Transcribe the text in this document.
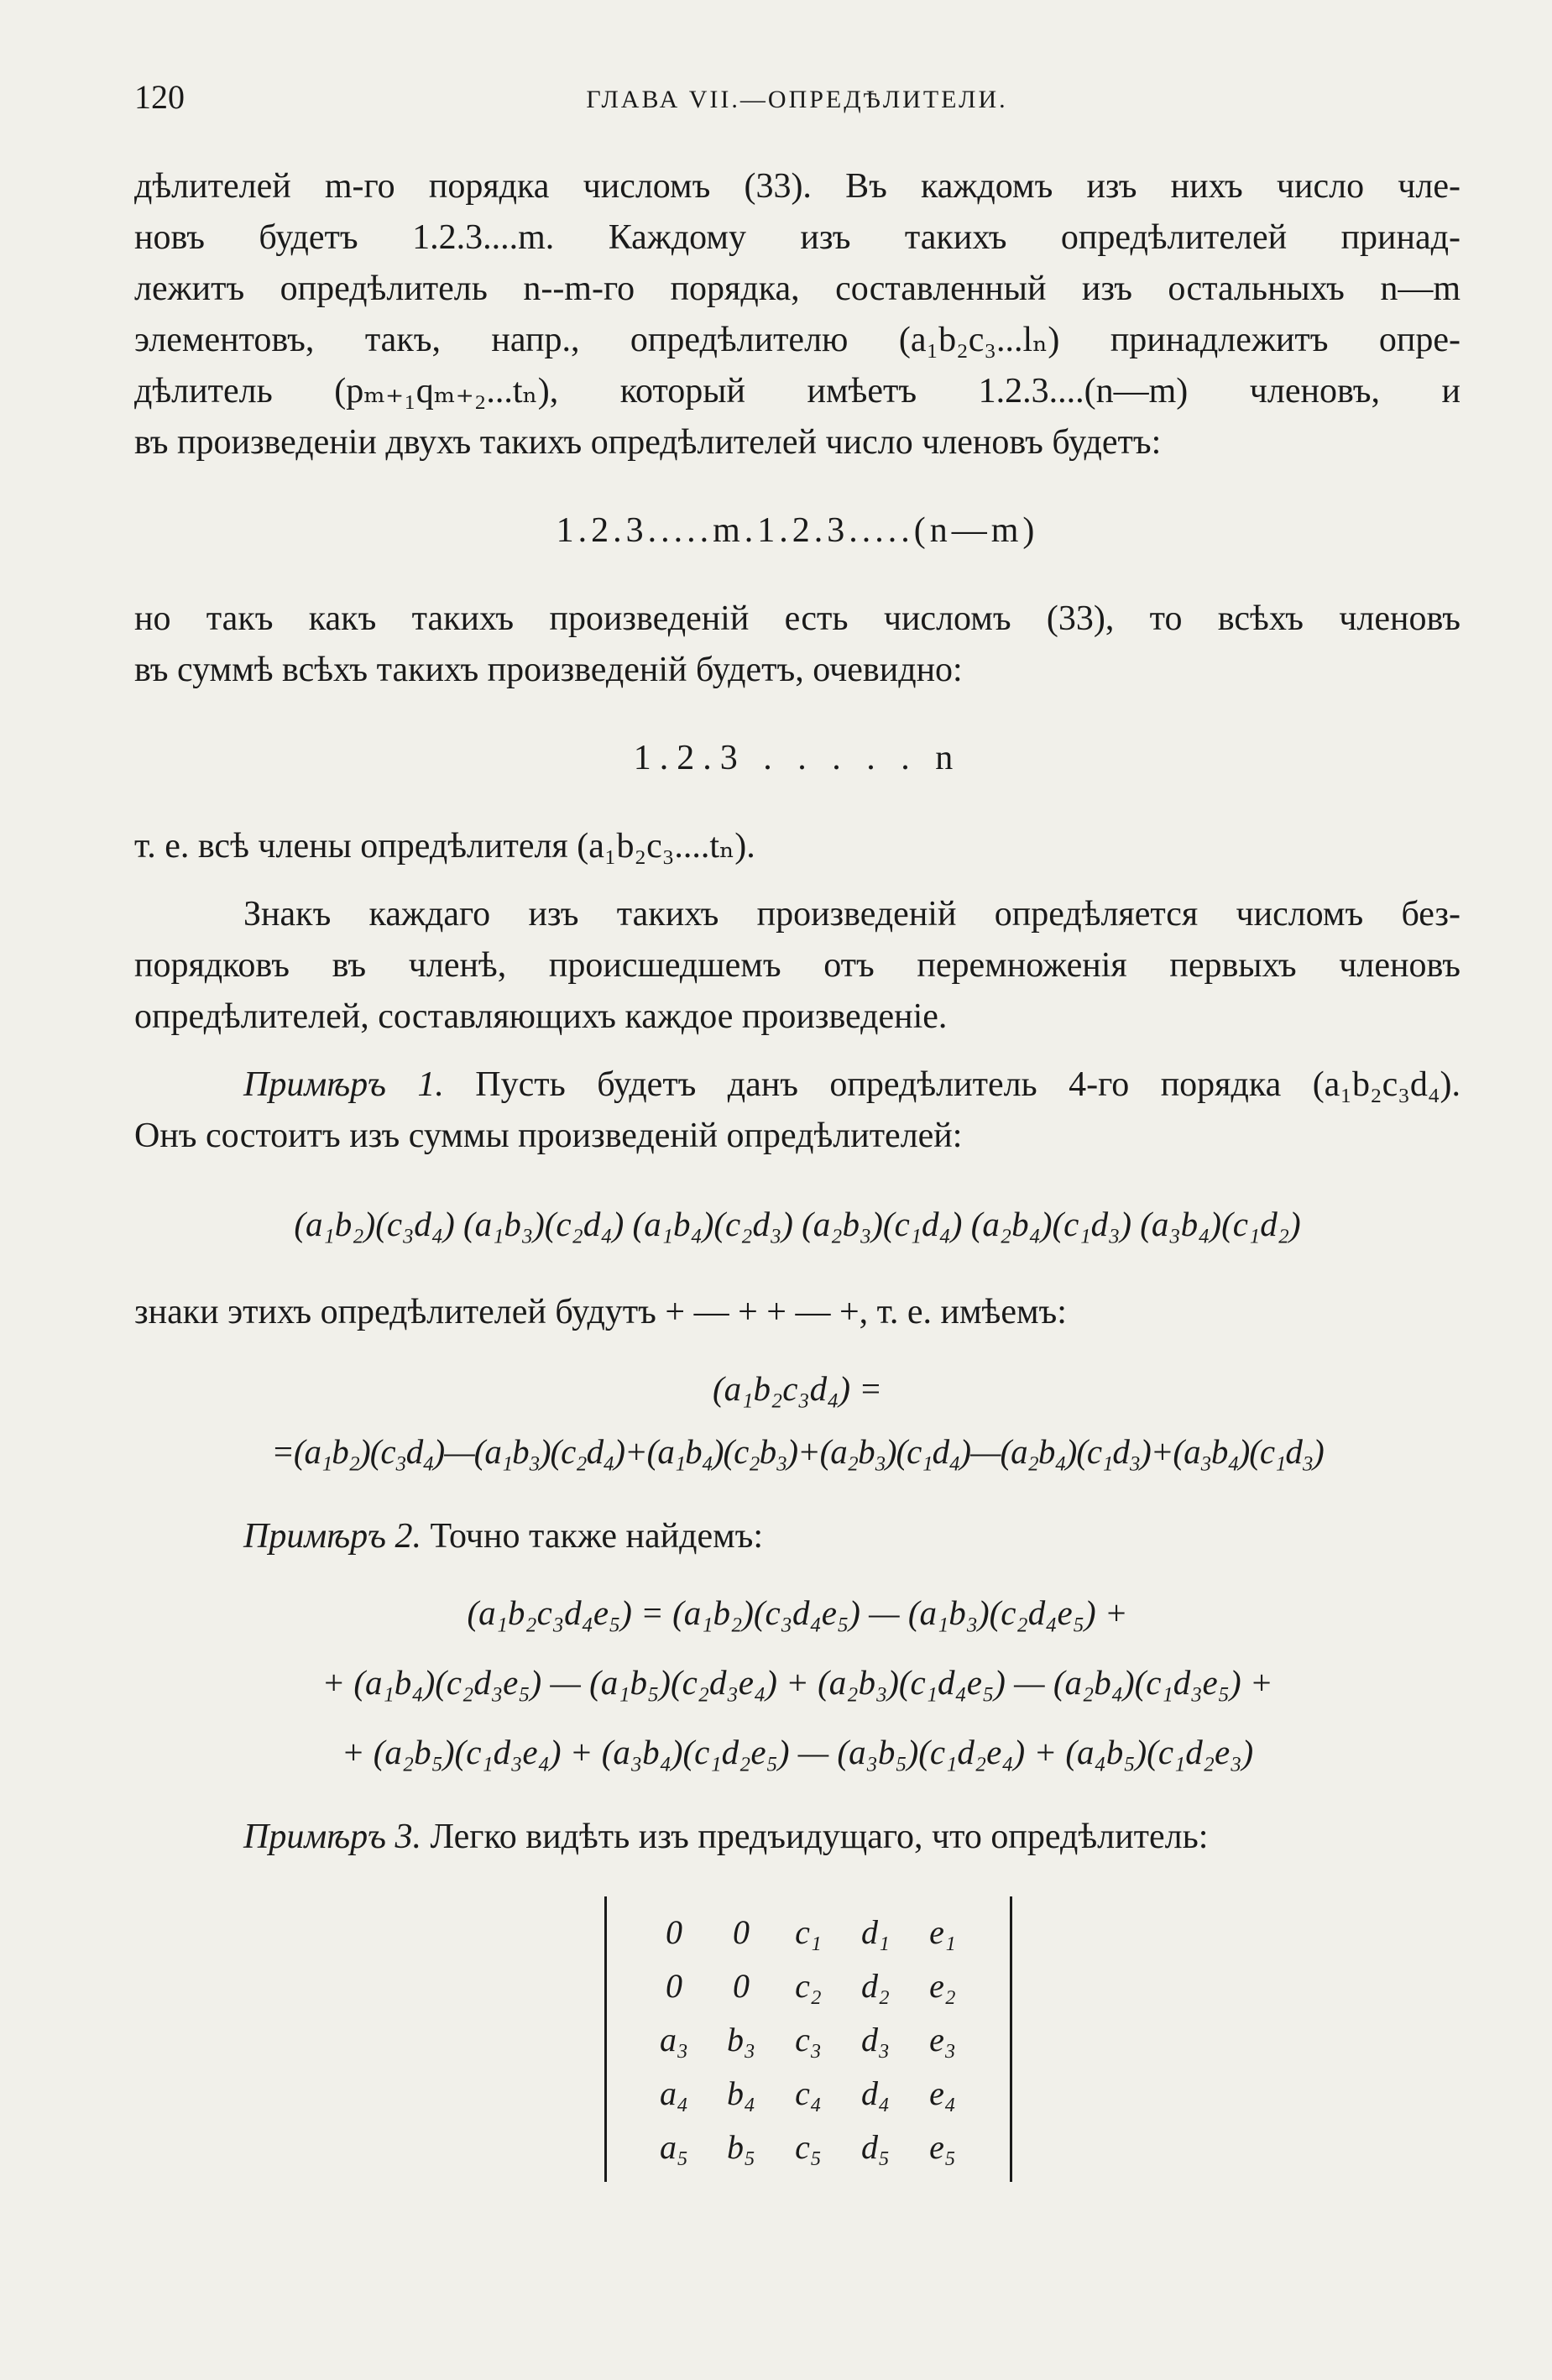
120	ГЛАВА VII.—ОПРЕДѢЛИТЕЛИ.
дѣлителей m-го порядка числомъ (33). Въ каждомъ изъ нихъ число чле-
новъ будетъ 1.2.3....m. Каждому изъ такихъ опредѣлителей принад-
лежитъ опредѣлитель n--m-го порядка, составленный изъ остальныхъ n—m
элементовъ, такъ, напр., опредѣлителю (a₁b₂c₃...lₙ) принадлежитъ опре-
дѣлитель (pₘ₊₁qₘ₊₂...tₙ), который имѣетъ 1.2.3....(n—m) членовъ, и
въ произведеніи двухъ такихъ опредѣлителей число членовъ будетъ:
1.2.3.....m.1.2.3.....(n—m)
но такъ какъ такихъ произведеній есть числомъ (33), то всѣхъ членовъ
въ суммѣ всѣхъ такихъ произведеній будетъ, очевидно:
1.2.3 . . . . . n
т. е. всѣ члены опредѣлителя (a₁b₂c₃....tₙ).
Знакъ каждаго изъ такихъ произведеній опредѣляется числомъ без-
порядковъ въ членѣ, происшедшемъ отъ перемноженія первыхъ членовъ
опредѣлителей, составляющихъ каждое произведеніе.
Примѣръ 1. Пусть будетъ данъ опредѣлитель 4-го порядка (a₁b₂c₃d₄).
Онъ состоитъ изъ суммы произведеній опредѣлителей:
(a₁b₂)(c₃d₄) (a₁b₃)(c₂d₄) (a₁b₄)(c₂d₃) (a₂b₃)(c₁d₄) (a₂b₄)(c₁d₃) (a₃b₄)(c₁d₂)
знаки этихъ опредѣлителей будутъ + — + + — +, т. е. имѣемъ:
(a₁b₂c₃d₄) =
=(a₁b₂)(c₃d₄)—(a₁b₃)(c₂d₄)+(a₁b₄)(c₂b₃)+(a₂b₃)(c₁d₄)—(a₂b₄)(c₁d₃)+(a₃b₄)(c₁d₃)
Примѣръ 2. Точно также найдемъ:
(a₁b₂c₃d₄e₅) = (a₁b₂)(c₃d₄e₅) — (a₁b₃)(c₂d₄e₅) +
+ (a₁b₄)(c₂d₃e₅) — (a₁b₅)(c₂d₃e₄) + (a₂b₃)(c₁d₄e₅) — (a₂b₄)(c₁d₃e₅) +
+ (a₂b₅)(c₁d₃e₄) + (a₃b₄)(c₁d₂e₅) — (a₃b₅)(c₁d₂e₄) + (a₄b₅)(c₁d₂e₃)
Примѣръ 3. Легко видѣть изъ предъидущаго, что опредѣлитель:
0	0	c₁	d₁	e₁
0	0	c₂	d₂	e₂
a₃	b₃	c₃	d₃	e₃
a₄	b₄	c₄	d₄	e₄
a₅	b₅	c₅	d₅	e₅
